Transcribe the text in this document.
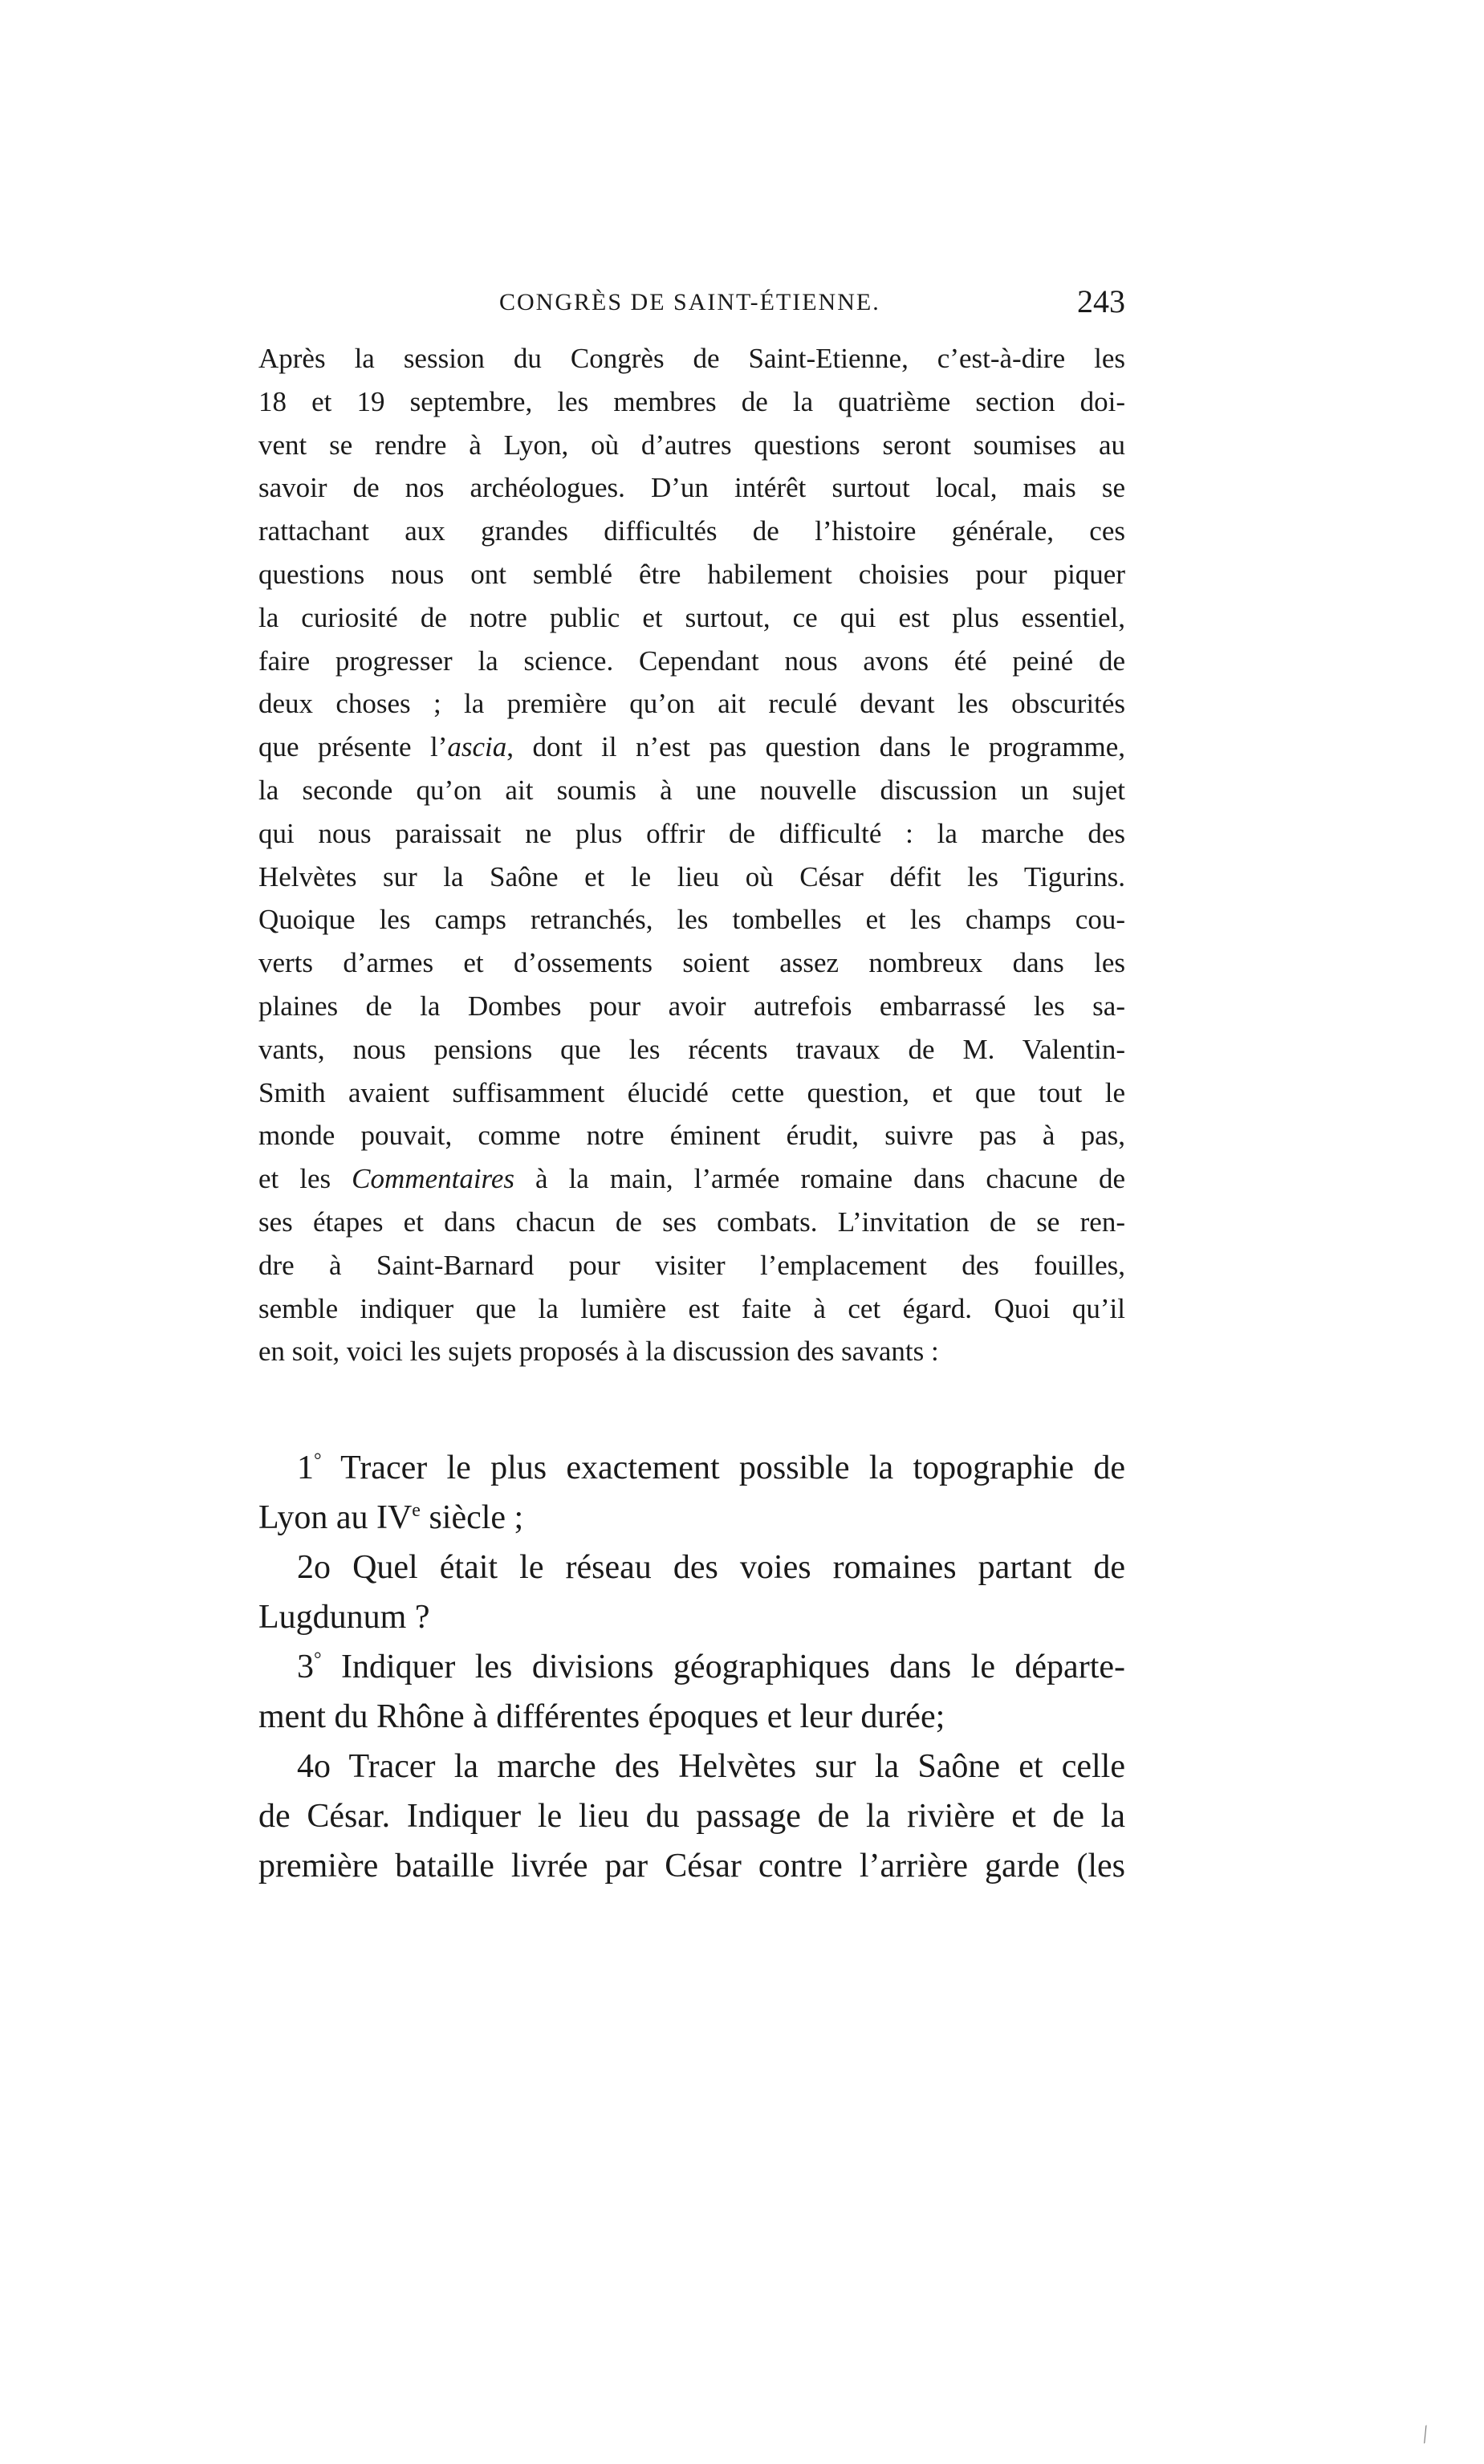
CONGRÈS DE SAINT-ÉTIENNE.	243
Après la session du Congrès de Saint-Etienne, c’est-à-dire les
18 et 19 septembre, les membres de la quatrième section doi-
vent se rendre à Lyon, où d’autres questions seront soumises au
savoir de nos archéologues. D’un intérêt surtout local, mais se
rattachant aux grandes difficultés de l’histoire générale, ces
questions nous ont semblé être habilement choisies pour piquer
la curiosité de notre public et surtout, ce qui est plus essentiel,
faire progresser la science. Cependant nous avons été peiné de
deux choses ; la première qu’on ait reculé devant les obscurités
que présente l’ascia, dont il n’est pas question dans le programme,
la seconde qu’on ait soumis à une nouvelle discussion un sujet
qui nous paraissait ne plus offrir de difficulté : la marche des
Helvètes sur la Saône et le lieu où César défit les Tigurins.
Quoique les camps retranchés, les tombelles et les champs cou-
verts d’armes et d’ossements soient assez nombreux dans les
plaines de la Dombes pour avoir autrefois embarrassé les sa-
vants, nous pensions que les récents travaux de M. Valentin-
Smith avaient suffisamment élucidé cette question, et que tout le
monde pouvait, comme notre éminent érudit, suivre pas à pas,
et les Commentaires à la main, l’armée romaine dans chacune de
ses étapes et dans chacun de ses combats. L’invitation de se ren-
dre à Saint-Barnard pour visiter l’emplacement des fouilles,
semble indiquer que la lumière est faite à cet égard. Quoi qu’il
en soit, voici les sujets proposés à la discussion des savants :
1° Tracer le plus exactement possible la topographie de
Lyon au IVe siècle ;
2o Quel était le réseau des voies romaines partant de
Lugdunum ?
3° Indiquer les divisions géographiques dans le départe-
ment du Rhône à différentes époques et leur durée;
4o Tracer la marche des Helvètes sur la Saône et celle
de César. Indiquer le lieu du passage de la rivière et de la
première bataille livrée par César contre l’arrière garde (les
⁄
